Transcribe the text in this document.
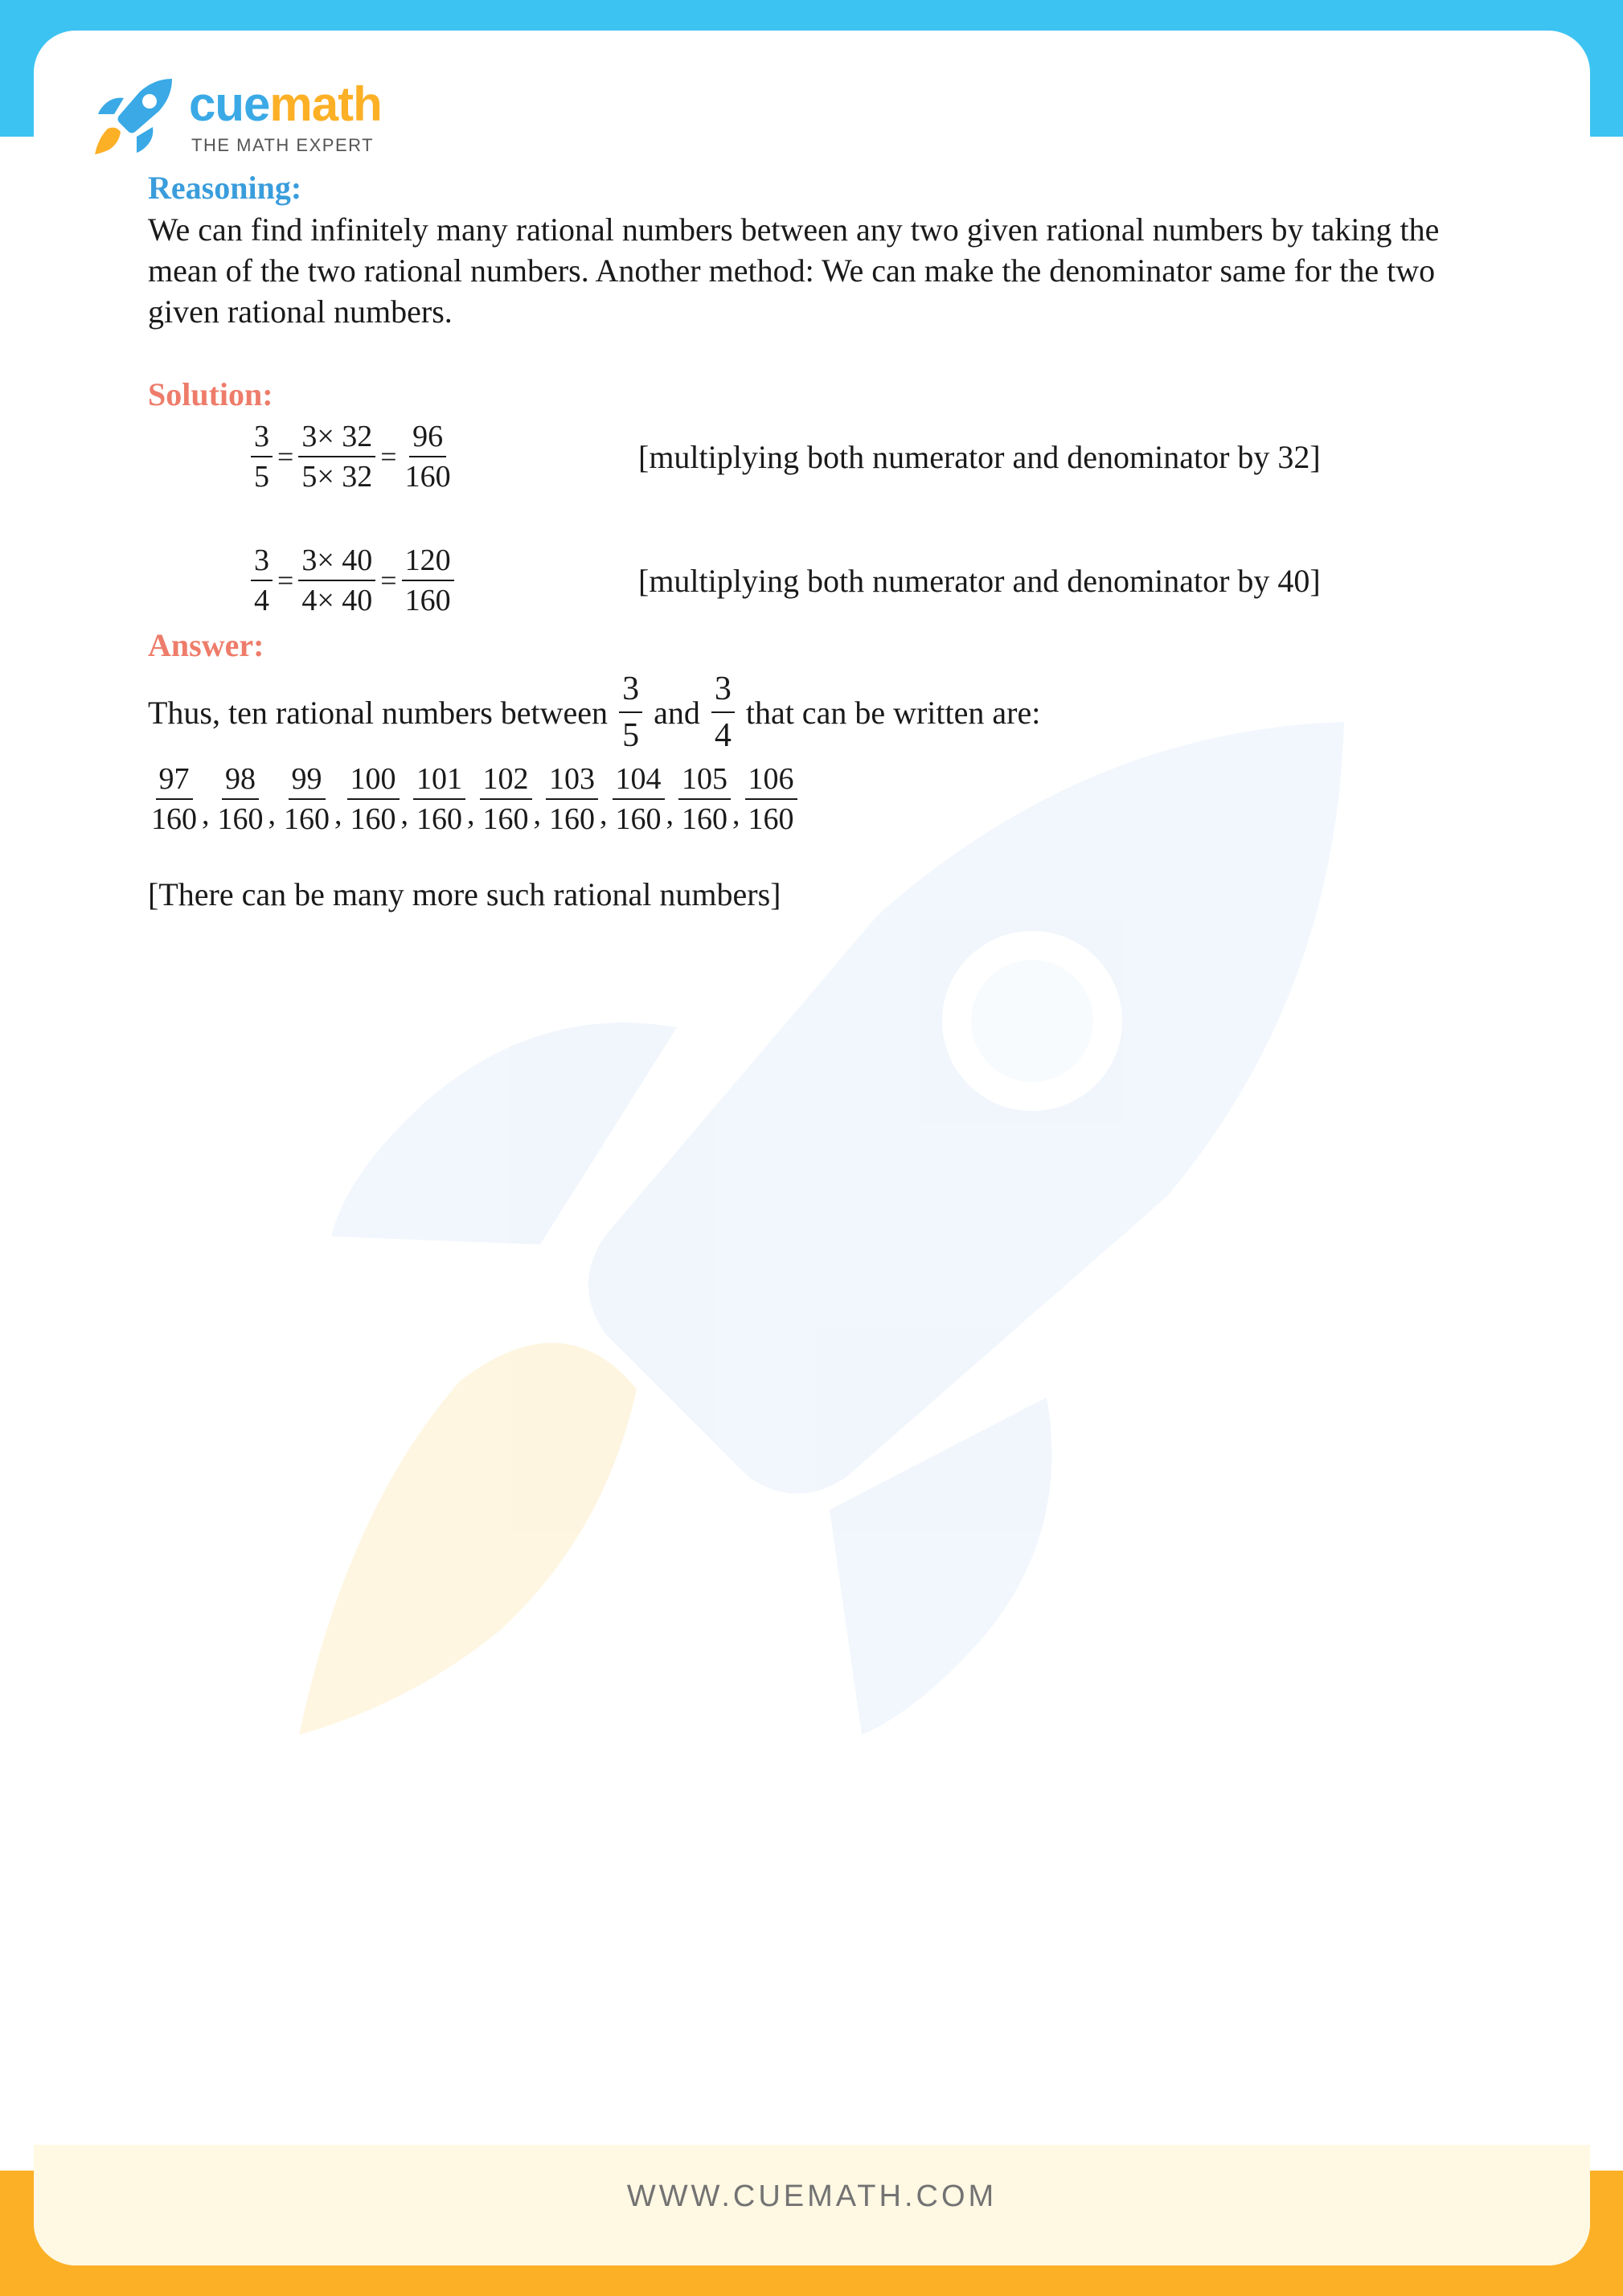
WWW.CUEMATH.COM
cuemath
THE MATH EXPERT
Reasoning:

We can find infinitely many rational numbers between any two given rational numbers by taking the mean of the two rational numbers. Another method: We can make the denominator same for the two given rational numbers.

Solution:
$\frac{3}{5} = \frac{3\times 32}{5\times 32} = \frac{96}{160}$	[multiplying both numerator and denominator by 32]
$\frac{3}{4} = \frac{3\times 40}{4\times 40} = \frac{120}{160}$	[multiplying both numerator and denominator by 40]
Answer:
Thus, ten rational numbers between $\frac{3}{5}$ and $\frac{3}{4}$ that can be written are:
$\frac{97}{160}$ , $\frac{98}{160}$ , $\frac{99}{160}$ , $\frac{100}{160}$ , $\frac{101}{160}$ , $\frac{102}{160}$ , $\frac{103}{160}$ , $\frac{104}{160}$ , $\frac{105}{160}$ , $\frac{106}{160}$

[There can be many more such rational numbers]
